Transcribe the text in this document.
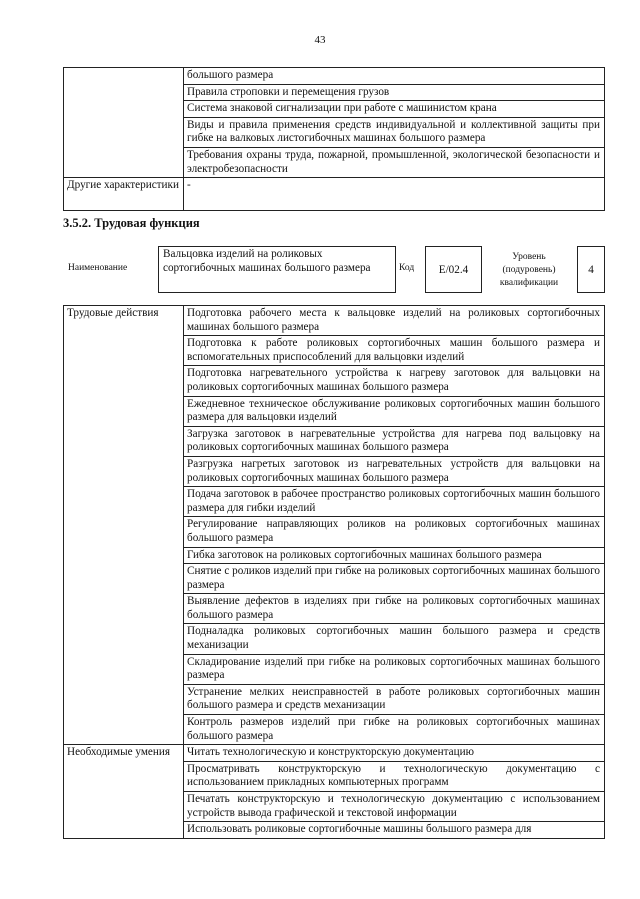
43
	большого размера
	Правила строповки и перемещения грузов
	Система знаковой сигнализации при работе с машинистом крана
	Виды и правила применения средств индивидуальной и коллективной защиты при гибке на валковых листогибочных машинах большого размера
	Требования охраны труда, пожарной, промышленной, экологической безопасности и электробезопасности
Другие характеристики	-
3.5.2. Трудовая функция
Наименование
Вальцовка изделий на роликовых сортогибочных машинах большого размера	Код	E/02.4
Уровень (подуровень) квалификации
4
Трудовые действия	Подготовка рабочего места к вальцовке изделий на роликовых сортогибочных машинах большого размера
	Подготовка к работе роликовых сортогибочных машин большого размера и вспомогательных приспособлений для вальцовки изделий
	Подготовка нагревательного устройства к нагреву заготовок для вальцовки на роликовых сортогибочных машинах большого размера
	Ежедневное техническое обслуживание роликовых сортогибочных машин большого размера для вальцовки изделий
	Загрузка заготовок в нагревательные устройства для нагрева под вальцовку на роликовых сортогибочных машинах большого размера
	Разгрузка нагретых заготовок из нагревательных устройств для вальцовки на роликовых сортогибочных машинах большого размера
	Подача заготовок в рабочее пространство роликовых сортогибочных машин большого размера для гибки изделий
	Регулирование направляющих роликов на роликовых сортогибочных машинах большого размера
	Гибка заготовок на роликовых сортогибочных машинах большого размера
	Снятие с роликов изделий при гибке на роликовых сортогибочных машинах большого размера
	Выявление дефектов в изделиях при гибке на роликовых сортогибочных машинах большого размера
	Подналадка роликовых сортогибочных машин большого размера и средств механизации
	Складирование изделий при гибке на роликовых сортогибочных машинах большого размера
	Устранение мелких неисправностей в работе роликовых сортогибочных машин большого размера и средств механизации
	Контроль размеров изделий при гибке на роликовых сортогибочных машинах большого размера
Необходимые умения	Читать технологическую и конструкторскую документацию
	Просматривать конструкторскую и технологическую документацию с использованием прикладных компьютерных программ
	Печатать конструкторскую и технологическую документацию с использованием устройств вывода графической и текстовой информации
	Использовать роликовые сортогибочные машины большого размера для
